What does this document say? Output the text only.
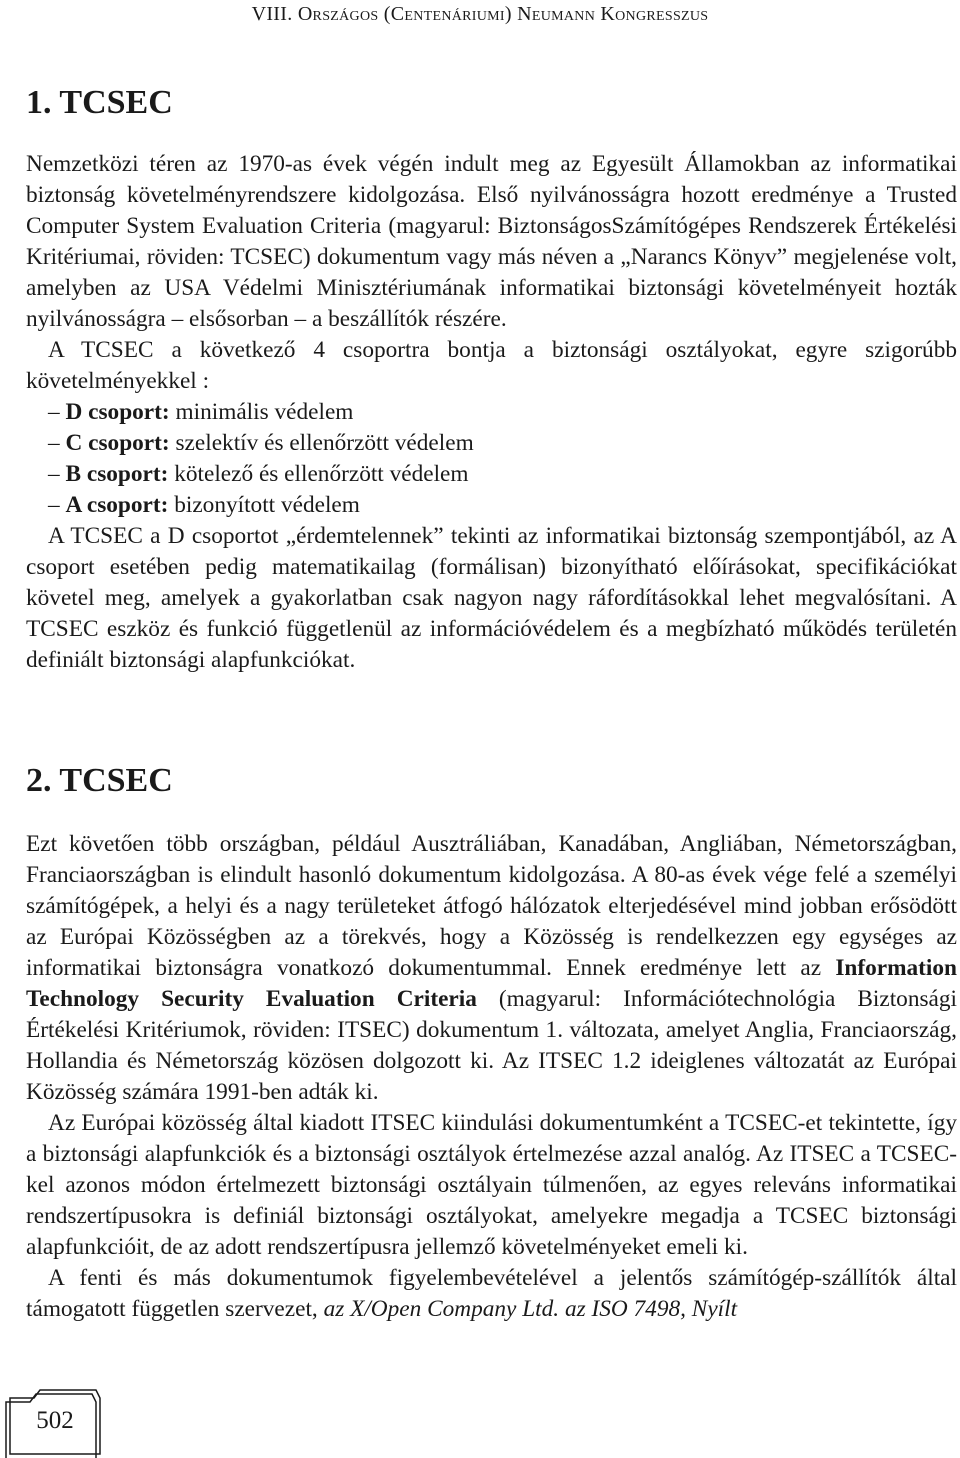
VIII. Országos (Centenáriumi) Neumann Kongresszus
1. TCSEC

Nemzetközi téren az 1970-as évek végén indult meg az Egyesült Államokban az informatikai biztonság követelményrendszere kidolgozása. Első nyilvánosságra hozott eredménye a Trusted Computer System Evaluation Criteria (magyarul: BiztonságosSzámítógépes Rendszerek Értékelési Kritériumai, röviden: TCSEC) dokumentum vagy más néven a „Narancs Könyv” megjelenése volt, amelyben az USA Védelmi Minisztériumának informatikai biztonsági követelményeit hozták nyilvánosságra – elsősorban – a beszállítók részére.

A TCSEC a következő 4 csoportra bontja a biztonsági osztályokat, egyre szigorúbb követelményekkel :

– D csoport: minimális védelem

– C csoport: szelektív és ellenőrzött védelem

– B csoport: kötelező és ellenőrzött védelem

– A csoport: bizonyított védelem

A TCSEC a D csoportot „érdemtelennek” tekinti az informatikai biztonság szempontjából, az A csoport esetében pedig matematikailag (formálisan) bizonyítható előírásokat, specifikációkat követel meg, amelyek a gyakorlatban csak nagyon nagy ráfordításokkal lehet megvalósítani. A TCSEC eszköz és funkció függetlenül az információvédelem és a megbízható működés területén definiált biztonsági alapfunkciókat.

2. TCSEC

Ezt követően több országban, például Ausztráliában, Kanadában, Angliában, Németországban, Franciaországban is elindult hasonló dokumentum kidolgozása. A 80-as évek vége felé a személyi számítógépek, a helyi és a nagy területeket átfogó hálózatok elterjedésével mind jobban erősödött az Európai Közösségben az a törekvés, hogy a Közösség is rendelkezzen egy egységes az informatikai biztonságra vonatkozó dokumentummal. Ennek eredménye lett az Information Technology Security Evaluation Criteria (magyarul: Információtechnológia Biztonsági Értékelési Kritériumok, röviden: ITSEC) dokumentum 1. változata, amelyet Anglia, Franciaország, Hollandia és Németország közösen dolgozott ki. Az ITSEC 1.2 ideiglenes változatát az Európai Közösség számára 1991-ben adták ki.

Az Európai közösség által kiadott ITSEC kiindulási dokumentumként a TCSEC-et tekintette, így a biztonsági alapfunkciók és a biztonsági osztályok értelmezése azzal analóg. Az ITSEC a TCSEC-kel azonos módon értelmezett biztonsági osztályain túlmenően, az egyes releváns informatikai rendszertípusokra is definiál biztonsági osztályokat, amelyekre megadja a TCSEC biztonsági alapfunkcióit, de az adott rendszertípusra jellemző követelményeket emeli ki.

A fenti és más dokumentumok figyelembevételével a jelentős számítógép-szállítók által támogatott független szervezet, az X/Open Company Ltd. az ISO 7498, Nyílt

502
